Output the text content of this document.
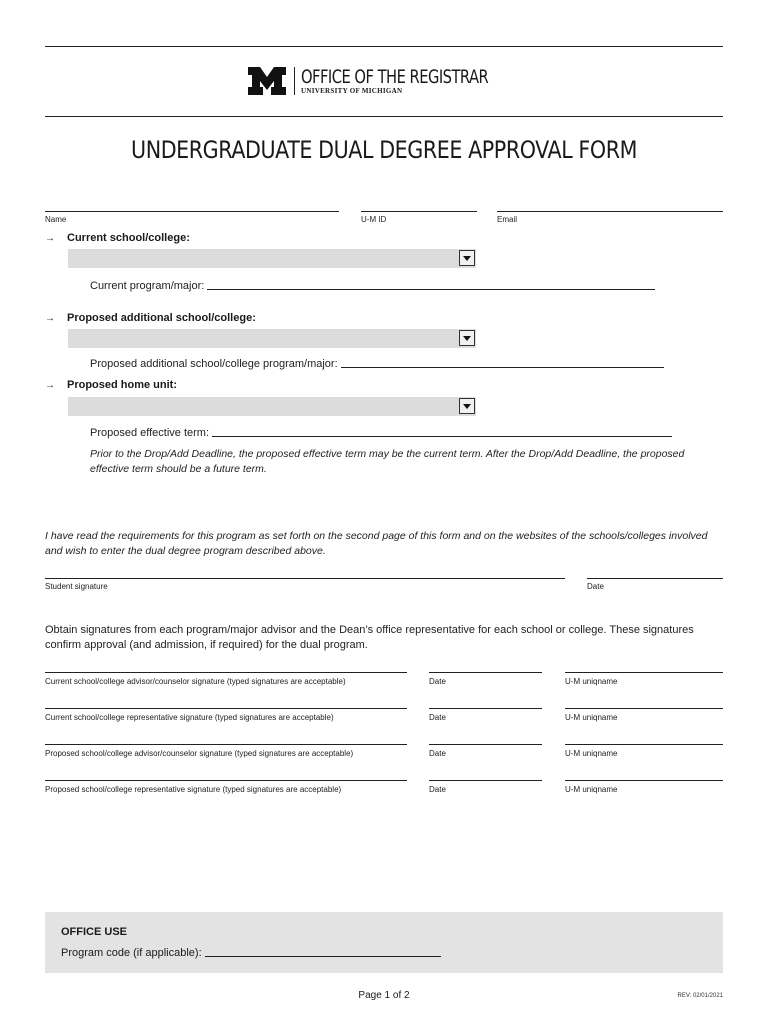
OFFICE OF THE REGISTRAR
UNIVERSITY OF MICHIGAN
UNDERGRADUATE DUAL DEGREE APPROVAL FORM
Name	U-M ID	Email
→	Current school/college:
Current program/major:
→	Proposed additional school/college:
Proposed additional school/college program/major:
→	Proposed home unit:
Proposed effective term:
Prior to the Drop/Add Deadline, the proposed effective term may be the current term. After the Drop/Add Deadline, the proposed effective term should be a future term.
I have read the requirements for this program as set forth on the second page of this form and on the websites of the schools/colleges involved and wish to enter the dual degree program described above.
Student signature	Date
Obtain signatures from each program/major advisor and the Dean’s office representative for each school or college. These signatures confirm approval (and admission, if required) for the dual program.
Current school/college advisor/counselor signature (typed signatures are acceptable)	Date	U-M uniqname
Current school/college representative signature (typed signatures are acceptable)	Date	U-M uniqname
Proposed school/college advisor/counselor signature (typed signatures are acceptable)	Date	U-M uniqname
Proposed school/college representative signature (typed signatures are acceptable)	Date	U-M uniqname
OFFICE USE
Program code (if applicable):
Page 1 of 2	REV: 02/01/2021
